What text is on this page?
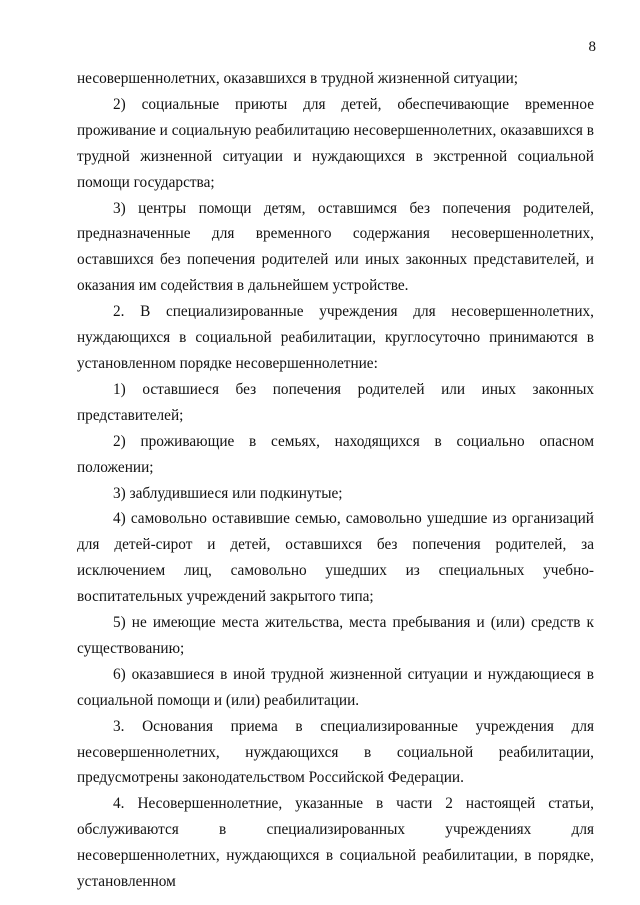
8

несовершеннолетних, оказавшихся в трудной жизненной ситуации;

2) социальные приюты для детей, обеспечивающие временное проживание и социальную реабилитацию несовершеннолетних, оказавшихся в трудной жизненной ситуации и нуждающихся в экстренной социальной помощи государства;

3) центры помощи детям, оставшимся без попечения родителей, предназначенные для временного содержания несовершеннолетних, оставшихся без попечения родителей или иных законных представителей, и оказания им содействия в дальнейшем устройстве.

2. В специализированные учреждения для несовершеннолетних, нуждающихся в социальной реабилитации, круглосуточно принимаются в установленном порядке несовершеннолетние:

1) оставшиеся без попечения родителей или иных законных представителей;

2) проживающие в семьях, находящихся в социально опасном положении;

3) заблудившиеся или подкинутые;

4) самовольно оставившие семью, самовольно ушедшие из организаций для детей-сирот и детей, оставшихся без попечения родителей, за исключением лиц, самовольно ушедших из специальных учебно-воспитательных учреждений закрытого типа;

5) не имеющие места жительства, места пребывания и (или) средств к существованию;

6) оказавшиеся в иной трудной жизненной ситуации и нуждающиеся в социальной помощи и (или) реабилитации.

3. Основания приема в специализированные учреждения для несовершеннолетних, нуждающихся в социальной реабилитации, предусмотрены законодательством Российской Федерации.

4. Несовершеннолетние, указанные в части 2 настоящей статьи, обслуживаются в специализированных учреждениях для несовершеннолетних, нуждающихся в социальной реабилитации, в порядке, установленном
